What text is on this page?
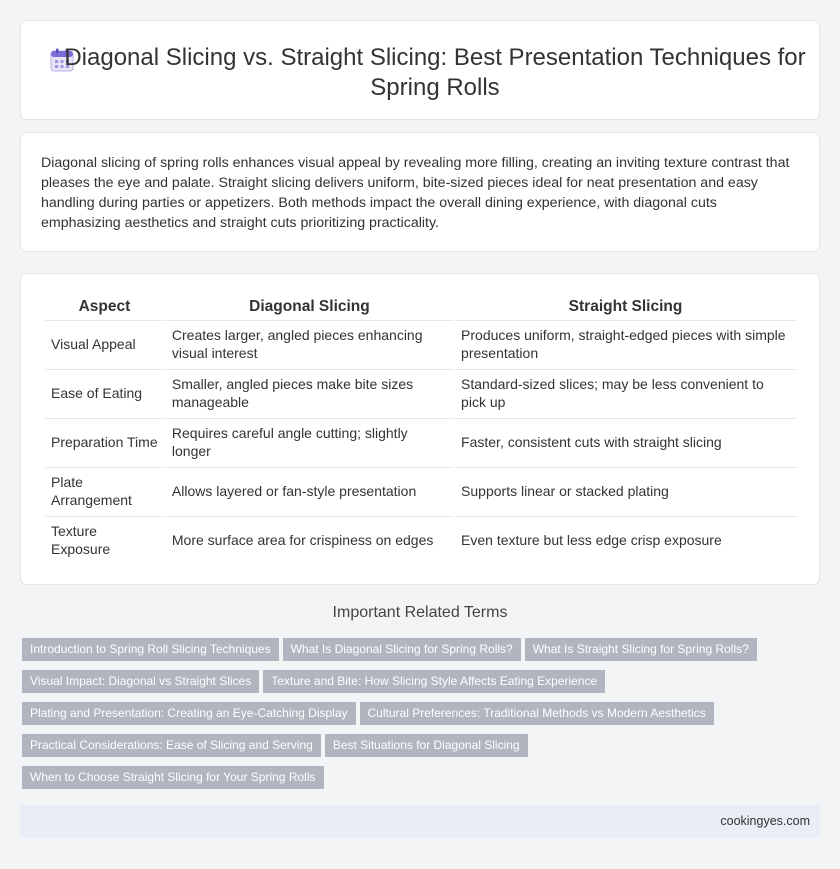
Diagonal Slicing vs. Straight Slicing: Best Presentation Techniques for Spring Rolls

Diagonal slicing of spring rolls enhances visual appeal by revealing more filling, creating an inviting texture contrast that pleases the eye and palate. Straight slicing delivers uniform, bite-sized pieces ideal for neat presentation and easy handling during parties or appetizers. Both methods impact the overall dining experience, with diagonal cuts emphasizing aesthetics and straight cuts prioritizing practicality.

Aspect	Diagonal Slicing	Straight Slicing
Visual Appeal	Creates larger, angled pieces enhancing visual interest	Produces uniform, straight-edged pieces with simple presentation
Ease of Eating	Smaller, angled pieces make bite sizes manageable	Standard-sized slices; may be less convenient to pick up
Preparation Time	Requires careful angle cutting; slightly longer	Faster, consistent cuts with straight slicing
Plate Arrangement	Allows layered or fan-style presentation	Supports linear or stacked plating
Texture Exposure	More surface area for crispiness on edges	Even texture but less edge crisp exposure
Important Related Terms
Introduction to Spring Roll Slicing Techniques What Is Diagonal Slicing for Spring Rolls? What Is Straight Slicing for Spring Rolls?
Visual Impact: Diagonal vs Straight Slices Texture and Bite: How Slicing Style Affects Eating Experience
Plating and Presentation: Creating an Eye-Catching Display Cultural Preferences: Traditional Methods vs Modern Aesthetics
Practical Considerations: Ease of Slicing and Serving Best Situations for Diagonal Slicing
When to Choose Straight Slicing for Your Spring Rolls
cookingyes.com
